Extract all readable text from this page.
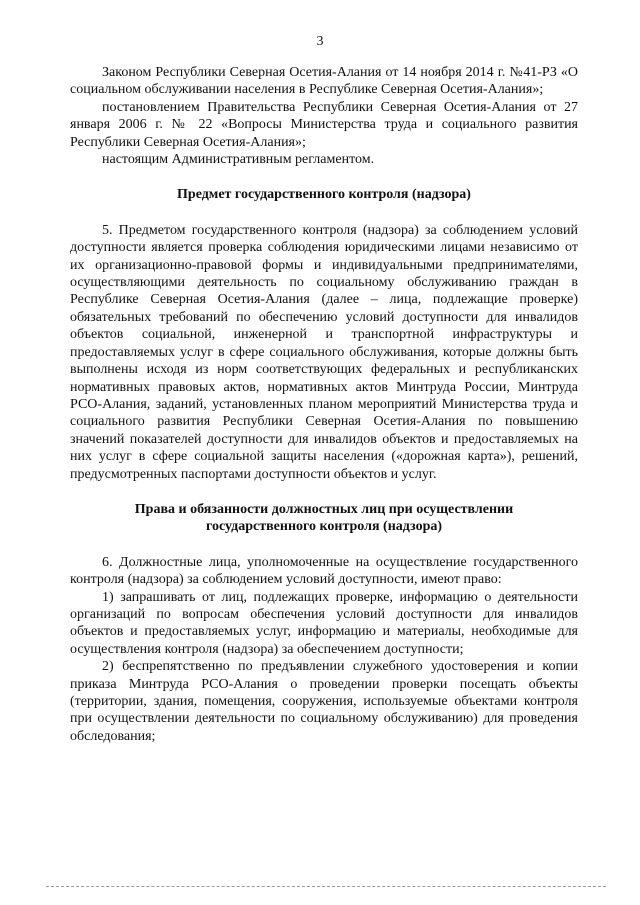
3

Законом Республики Северная Осетия-Алания от 14 ноября 2014 г. №41-РЗ «О социальном обслуживании населения в Республике Северная Осетия-Алания»;

постановлением Правительства Республики Северная Осетия-Алания от 27 января 2006 г. № 22 «Вопросы Министерства труда и социального развития Республики Северная Осетия-Алания»;

настоящим Административным регламентом.

Предмет государственного контроля (надзора)

5. Предметом государственного контроля (надзора) за соблюдением условий доступности является проверка соблюдения юридическими лицами независимо от их организационно-правовой формы и индивидуальными предпринимателями, осуществляющими деятельность по социальному обслуживанию граждан в Республике Северная Осетия-Алания (далее – лица, подлежащие проверке) обязательных требований по обеспечению условий доступности для инвалидов объектов социальной, инженерной и транспортной инфраструктуры и предоставляемых услуг в сфере социального обслуживания, которые должны быть выполнены исходя из норм соответствующих федеральных и республиканских нормативных правовых актов, нормативных актов Минтруда России, Минтруда РСО-Алания, заданий, установленных планом мероприятий Министерства труда и социального развития Республики Северная Осетия-Алания по повышению значений показателей доступности для инвалидов объектов и предоставляемых на них услуг в сфере социальной защиты населения («дорожная карта»), решений, предусмотренных паспортами доступности объектов и услуг.

Права и обязанности должностных лиц при осуществлении
государственного контроля (надзора)

6. Должностные лица, уполномоченные на осуществление государственного контроля (надзора) за соблюдением условий доступности, имеют право:

1) запрашивать от лиц, подлежащих проверке, информацию о деятельности организаций по вопросам обеспечения условий доступности для инвалидов объектов и предоставляемых услуг, информацию и материалы, необходимые для осуществления контроля (надзора) за обеспечением доступности;

2) беспрепятственно по предъявлении служебного удостоверения и копии приказа Минтруда РСО-Алания о проведении проверки посещать объекты (территории, здания, помещения, сооружения, используемые объектами контроля при осуществлении деятельности по социальному обслуживанию) для проведения обследования;
